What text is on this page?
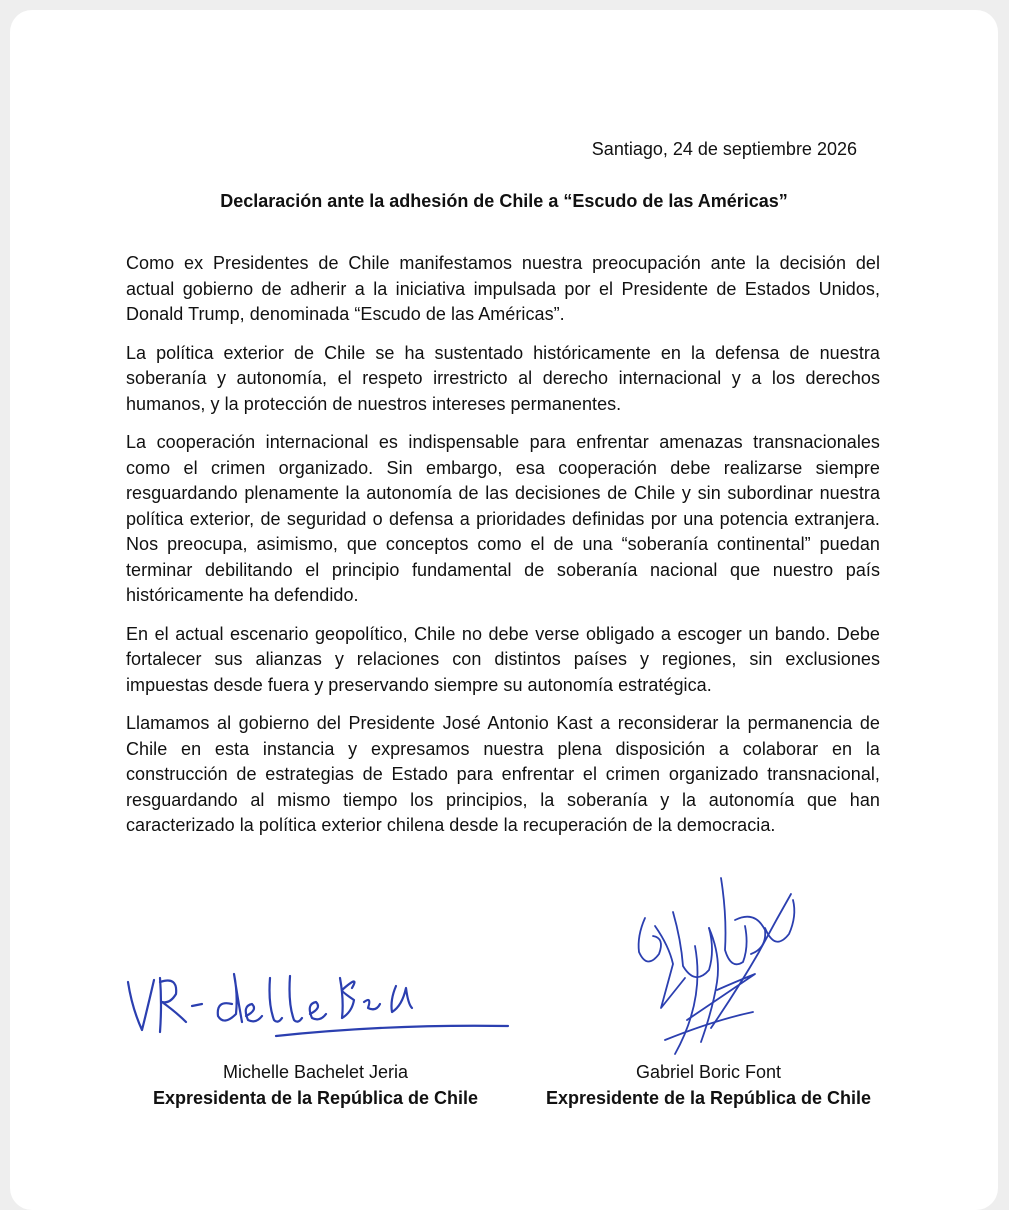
Santiago, 24 de septiembre 2026
Declaración ante la adhesión de Chile a “Escudo de las Américas”

Como ex Presidentes de Chile manifestamos nuestra preocupación ante la decisión del actual gobierno de adherir a la iniciativa impulsada por el Presidente de Estados Unidos, Donald Trump, denominada “Escudo de las Américas”.

La política exterior de Chile se ha sustentado históricamente en la defensa de nuestra soberanía y autonomía, el respeto irrestricto al derecho internacional y a los derechos humanos, y la protección de nuestros intereses permanentes.

La cooperación internacional es indispensable para enfrentar amenazas transnacionales como el crimen organizado. Sin embargo, esa cooperación debe realizarse siempre resguardando plenamente la autonomía de las decisiones de Chile y sin subordinar nuestra política exterior, de seguridad o defensa a prioridades definidas por una potencia extranjera. Nos preocupa, asimismo, que conceptos como el de una “soberanía continental” puedan terminar debilitando el principio fundamental de soberanía nacional que nuestro país históricamente ha defendido.

En el actual escenario geopolítico, Chile no debe verse obligado a escoger un bando. Debe fortalecer sus alianzas y relaciones con distintos países y regiones, sin exclusiones impuestas desde fuera y preservando siempre su autonomía estratégica.

Llamamos al gobierno del Presidente José Antonio Kast a reconsiderar la permanencia de Chile en esta instancia y expresamos nuestra plena disposición a colaborar en la construcción de estrategias de Estado para enfrentar el crimen organizado transnacional, resguardando al mismo tiempo los principios, la soberanía y la autonomía que han caracterizado la política exterior chilena desde la recuperación de la democracia.

Michelle Bachelet Jeria
Expresidenta de la República de Chile
Gabriel Boric Font
Expresidente de la República de Chile
